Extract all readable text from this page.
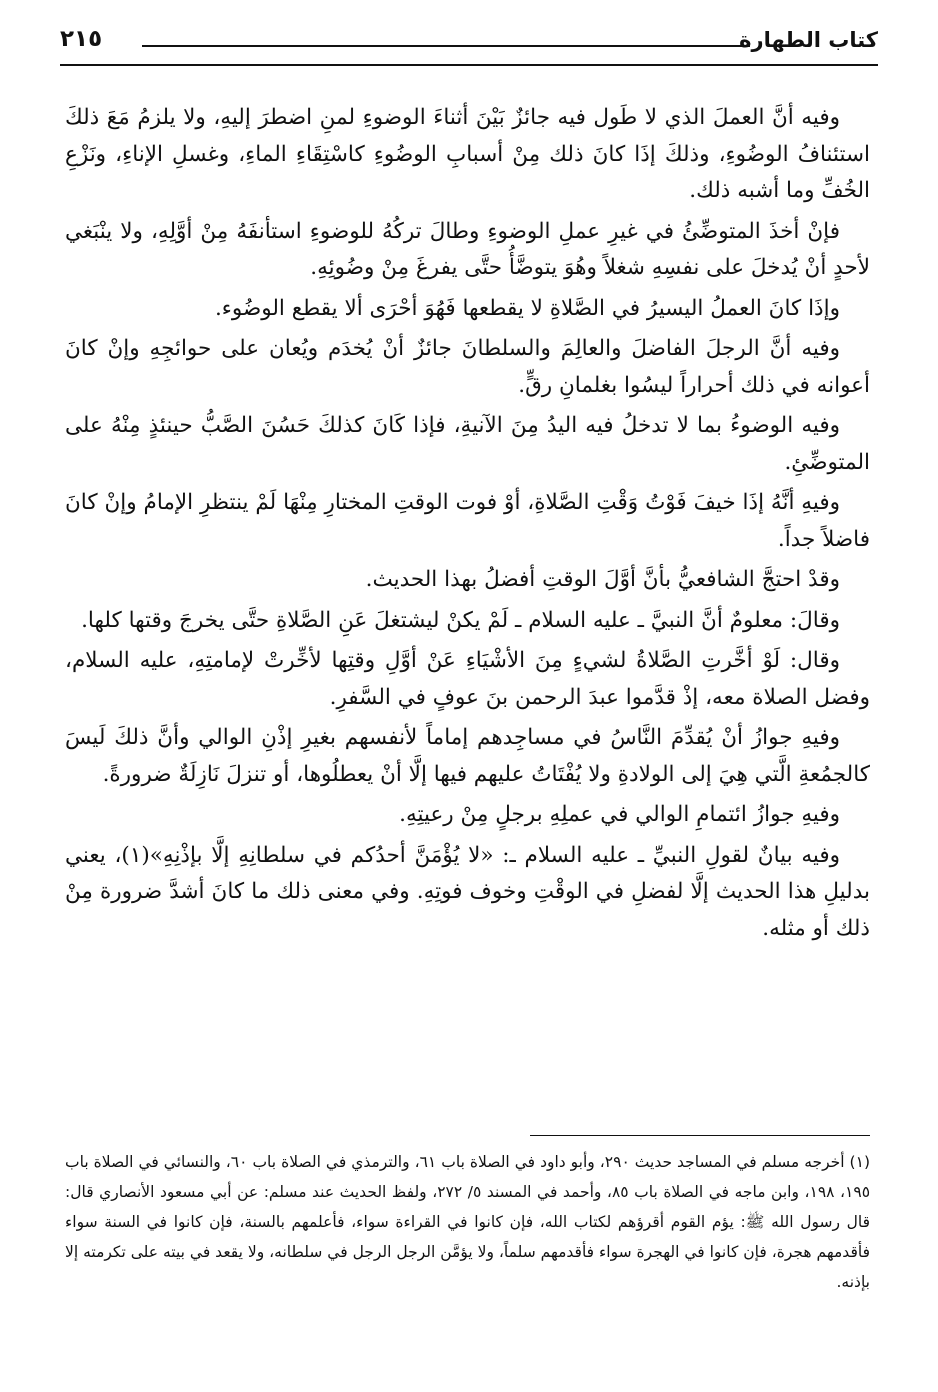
كتاب الطهارة
٢١٥

وفيه أنَّ العملَ الذي لا طَول فيه جائزٌ بَيْنَ أثناءَ الوضوءِ لمنِ اضطرَ إليهِ، ولا يلزمُ مَعَ ذلكَ استئنافُ الوضُوءِ، وذلكَ إذَا كانَ ذلك مِنْ أسبابِ الوضُوءِ كاسْتِقَاءِ الماءِ، وغسلِ الإناءِ، ونَزْعِ الخُفِّ وما أشبه ذلك.

فإنْ أخذَ المتوضِّئُ في غيرِ عملِ الوضوءِ وطالَ تركُهُ للوضوءِ استأنفَهُ مِنْ أوَّلِهِ، ولا ينْبَغي لأحدٍ أنْ يُدخلَ على نفسِهِ شغلاً وهُوَ يتوضَّأُ حتَّى يفرغَ مِنْ وضُوئِهِ.

وإذَا كانَ العملُ اليسيرُ في الصَّلاةِ لا يقطعها فَهُوَ أحْرَى ألا يقطع الوضُوء.

وفيه أنَّ الرجلَ الفاضلَ والعالِمَ والسلطانَ جائزٌ أنْ يُخدَم ويُعان على حوائجِهِ وإنْ كانَ أعوانه في ذلك أحراراً ليسُوا بغلمانِ رقٍّ.

وفيه الوضوءُ بما لا تدخلُ فيه اليدُ مِنَ الآنيةِ، فإذا كَانَ كذلكَ حَسُنَ الصَّبُّ حينئذٍ مِنْهُ على المتوضِّئِ.

وفيهِ أنَّهُ إذَا خيفَ فَوْتُ وَقْتِ الصَّلاةِ، أوْ فوت الوقتِ المختارِ مِنْهَا لَمْ ينتظرِ الإمامُ وإنْ كانَ فاضلاً جداً.

وقدْ احتجَّ الشافعيُّ بأنَّ أوَّلَ الوقتِ أفضلُ بهذا الحديث.

وقالَ: معلومٌ أنَّ النبيَّ ـ عليه السلام ـ لَمْ يكنْ ليشتغلَ عَنِ الصَّلاةِ حتَّى يخرجَ وقتها كلها.

وقال: لَوْ أخَّرتِ الصَّلاةُ لشيءٍ مِنَ الأشْيَاءِ عَنْ أوَّلِ وقتِها لأخِّرتْ لإمامتِهِ، عليه السلام، وفضل الصلاة معه، إذْ قدَّموا عبدَ الرحمن بنَ عوفٍ في السَّفرِ.

وفيهِ جوازُ أنْ يُقدِّمَ النَّاسُ في مساجِدهم إماماً لأنفسهم بغيرِ إذْنِ الوالي وأنَّ ذلكَ لَيسَ كالجمُعةِ الَّتي هِيَ إلى الولادةِ ولا يُفْتَاتُ عليهم فيها إلَّا أنْ يعطلُوها، أو تنزلَ نَازِلَةٌ ضرورةً.

وفيهِ جوازُ ائتمامِ الوالي في عملِهِ برجلٍ مِنْ رعيتِهِ.

وفيه بيانٌ لقولِ النبيِّ ـ عليه السلام ـ: «لا يُؤْمَنَّ أحدُكم في سلطانِهِ إلَّا بإذْنِهِ»(١)، يعني بدليلِ هذا الحديث إلَّا لفضلِ في الوقْتِ وخوف فوتِهِ. وفي معنى ذلك ما كانَ أشدَّ ضرورة مِنْ ذلك أو مثله.

(١) أخرجه مسلم في المساجد حديث ٢٩٠، وأبو داود في الصلاة باب ٦١، والترمذي في الصلاة باب ٦٠، والنسائي في الصلاة باب ١٩٥، ١٩٨، وابن ماجه في الصلاة باب ٨٥، وأحمد في المسند ٥/ ٢٧٢، ولفظ الحديث عند مسلم: عن أبي مسعود الأنصاري قال: قال رسول الله ﷺ: يؤم القوم أقرؤهم لكتاب الله، فإن كانوا في القراءة سواء، فأعلمهم بالسنة، فإن كانوا في السنة سواء فأقدمهم هجرة، فإن كانوا في الهجرة سواء فأقدمهم سلماً، ولا يؤمَّن الرجل الرجل في سلطانه، ولا يقعد في بيته على تكرمته إلا بإذنه.
